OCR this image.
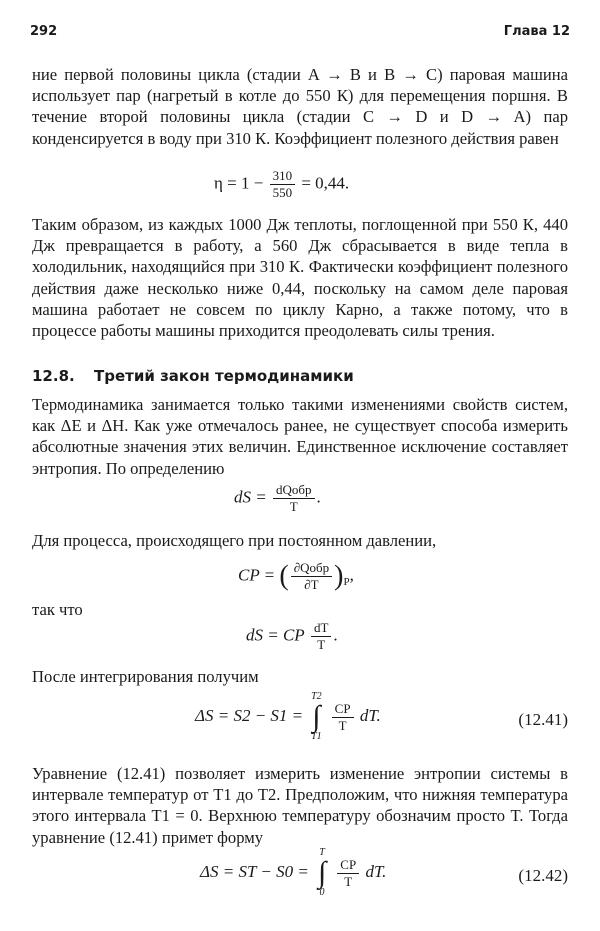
292	Глава 12

ние первой половины цикла (стадии A → B и B → C) паровая машина использует пар (нагретый в котле до 550 К) для перемещения поршня. В течение второй половины цикла (стадии C → D и D → A) пар конденсируется в воду при 310 К. Коэффициент полезного действия равен

$\eta = 1 - \frac{310}{550} = 0,44$.

Таким образом, из каждых 1000 Дж теплоты, поглощенной при 550 К, 440 Дж превращается в работу, а 560 Дж сбрасывается в виде тепла в холодильник, находящийся при 310 К. Фактически коэффициент полезного действия даже несколько ниже 0,44, поскольку на самом деле паровая машина работает не совсем по циклу Карно, а также потому, что в процессе работы машины приходится преодолевать силы трения.

12.8. Третий закон термодинамики

Термодинамика занимается только такими изменениями свойств систем, как ΔE и ΔH. Как уже отмечалось ранее, не существует способа измерить абсолютные значения этих величин. Единственное исключение составляет энтропия. По определению

dS = $\frac{\text{dQобр}}{T}$ .

Для процесса, происходящего при постоянном давлении,

CP = ( $\frac{\text{∂Qобр}}{\partial T} )_P$,

так что

dS = CP $\frac{dT}{T}$ .

После интегрирования получим

ΔS = S2 − S1 =
T2
∫
T1

$\frac{CP}{T}$ dT.	(12.41)

Уравнение (12.41) позволяет измерить изменение энтропии системы в интервале температур от T1 до T2. Предположим, что нижняя температура этого интервала T1 = 0. Верхнюю температуру обозначим просто T. Тогда уравнение (12.41) примет форму

ΔS = ST − S0 =
T
∫
0

$\frac{CP}{T}$ dT.	(12.42)
